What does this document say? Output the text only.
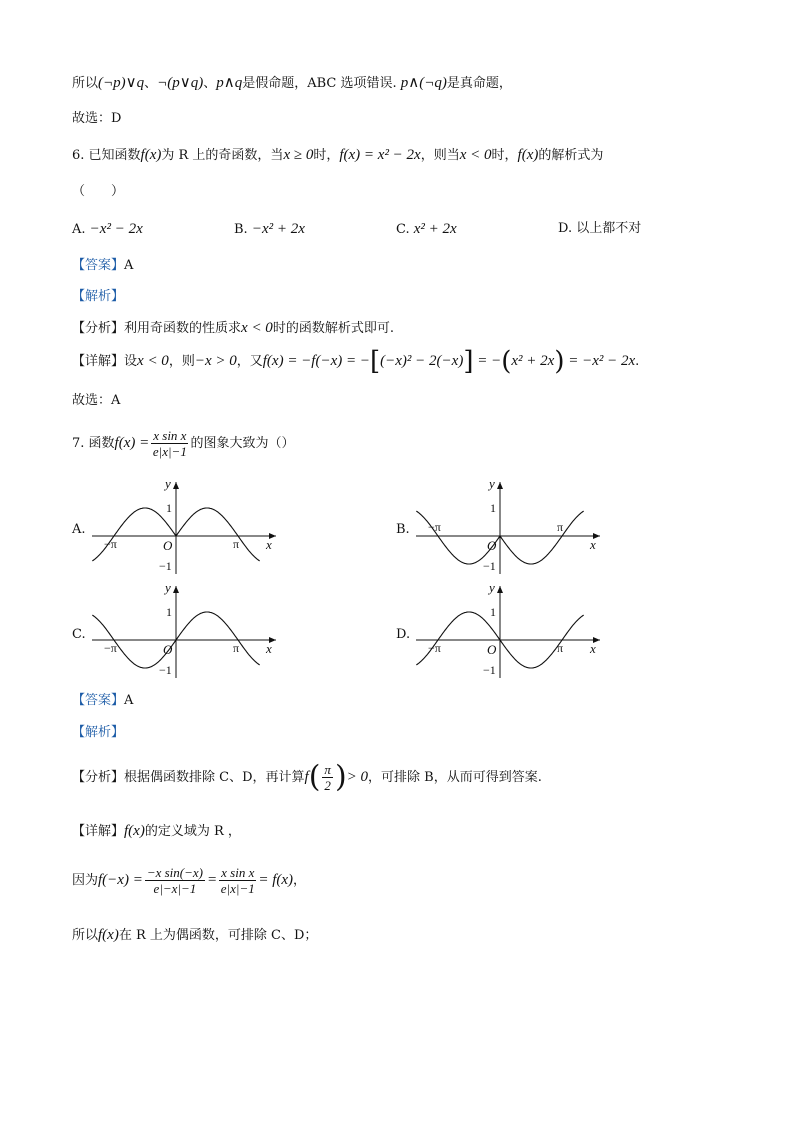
所以(¬p)∨q、¬(p∨q)、p∧q是假命题，ABC 选项错误. p∧(¬q)是真命题，
故选：D
6. 已知函数f(x)为 R 上的奇函数，当x ≥ 0时，f(x) = x² − 2x，则当x < 0时，f(x)的解析式为
（　　）
A. −x² − 2x	B. −x² + 2x	C. x² + 2x	D. 以上都不对
【答案】A
【解析】
【分析】利用奇函数的性质求x < 0时的函数解析式即可.
【详解】设x < 0，则−x > 0，又f(x) = −f(−x) = −[(−x)² − 2(−x)] = −(x² + 2x) = −x² − 2x.
故选：A
7. 函数$f(x) = \frac{\text{x sin x}}{e|x|-1}$ 的图象大致为（）
A.	B.
C.	D.
y
x
O
1
−1
π
−π
y
x
O
1
−1
π
−π
y
x
O
1
−1
π
−π
y
x
O
1
−1
π
−π
【答案】A
【解析】
【分析】根据偶函数排除 C、D，再计算$f( \frac{\pi}{2}$ )> 0，可排除 B，从而可得到答案.
【详解】f(x)的定义域为 R ，
因为$f(-x) = \frac{\text{−x sin(−x)}}{e|-x|-1} = \frac{\text{x sin x}}{e|x|-1} = f(x)$，
所以f(x)在 R 上为偶函数，可排除 C、D；
